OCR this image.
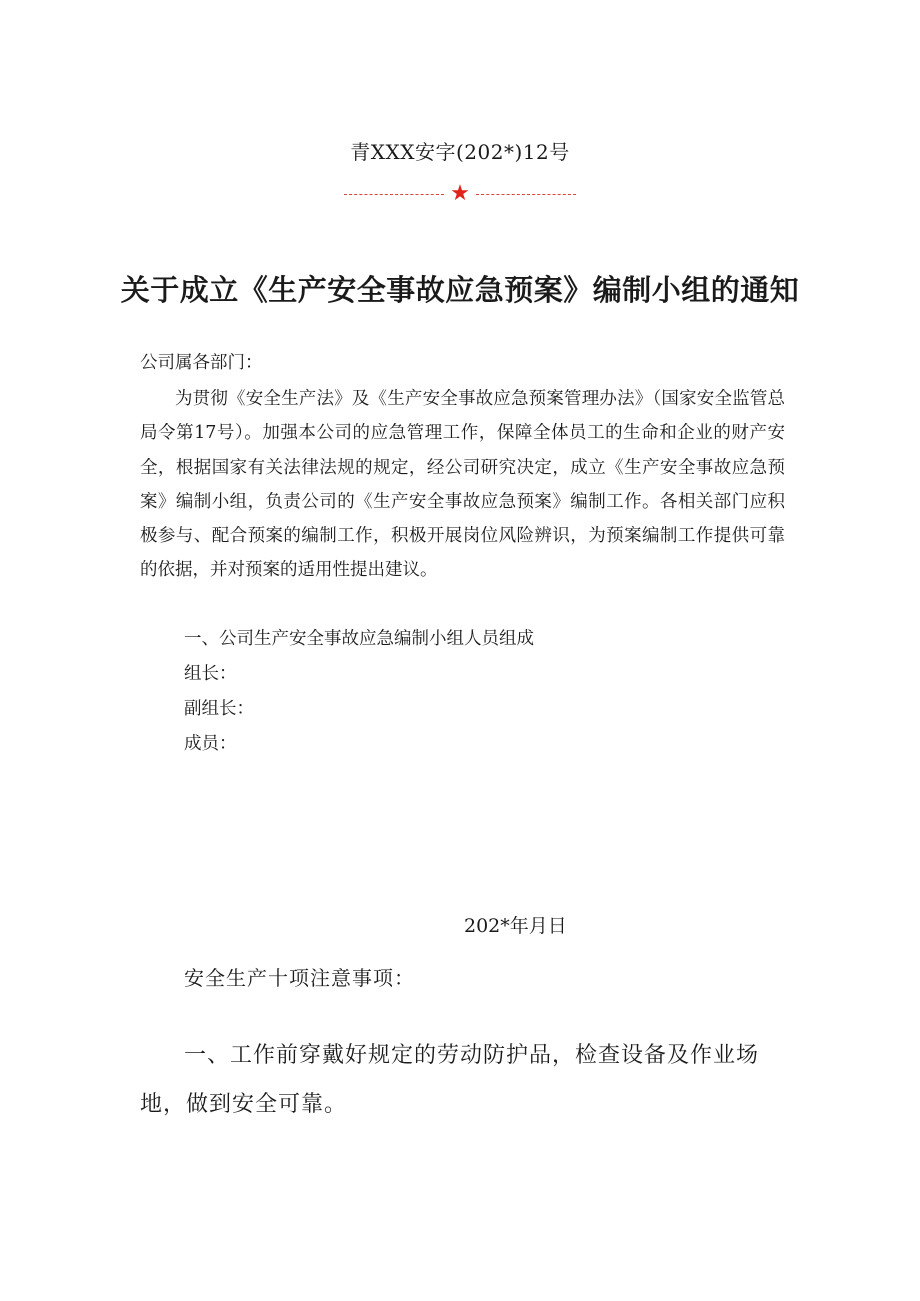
青XXX安字(202*)12号
★
关于成立《生产安全事故应急预案》编制小组的通知
公司属各部门：
为贯彻《安全生产法》及《生产安全事故应急预案管理办法》（国家安全监管总局令第17号）。加强本公司的应急管理工作，保障全体员工的生命和企业的财产安全，根据国家有关法律法规的规定，经公司研究决定，成立《生产安全事故应急预案》编制小组，负责公司的《生产安全事故应急预案》编制工作。各相关部门应积极参与、配合预案的编制工作，积极开展岗位风险辨识，为预案编制工作提供可靠的依据，并对预案的适用性提出建议。
一、公司生产安全事故应急编制小组人员组成
组长：
副组长：
成员：
202*年月日
安全生产十项注意事项：
一、工作前穿戴好规定的劳动防护品，检查设备及作业场地，做到安全可靠。
